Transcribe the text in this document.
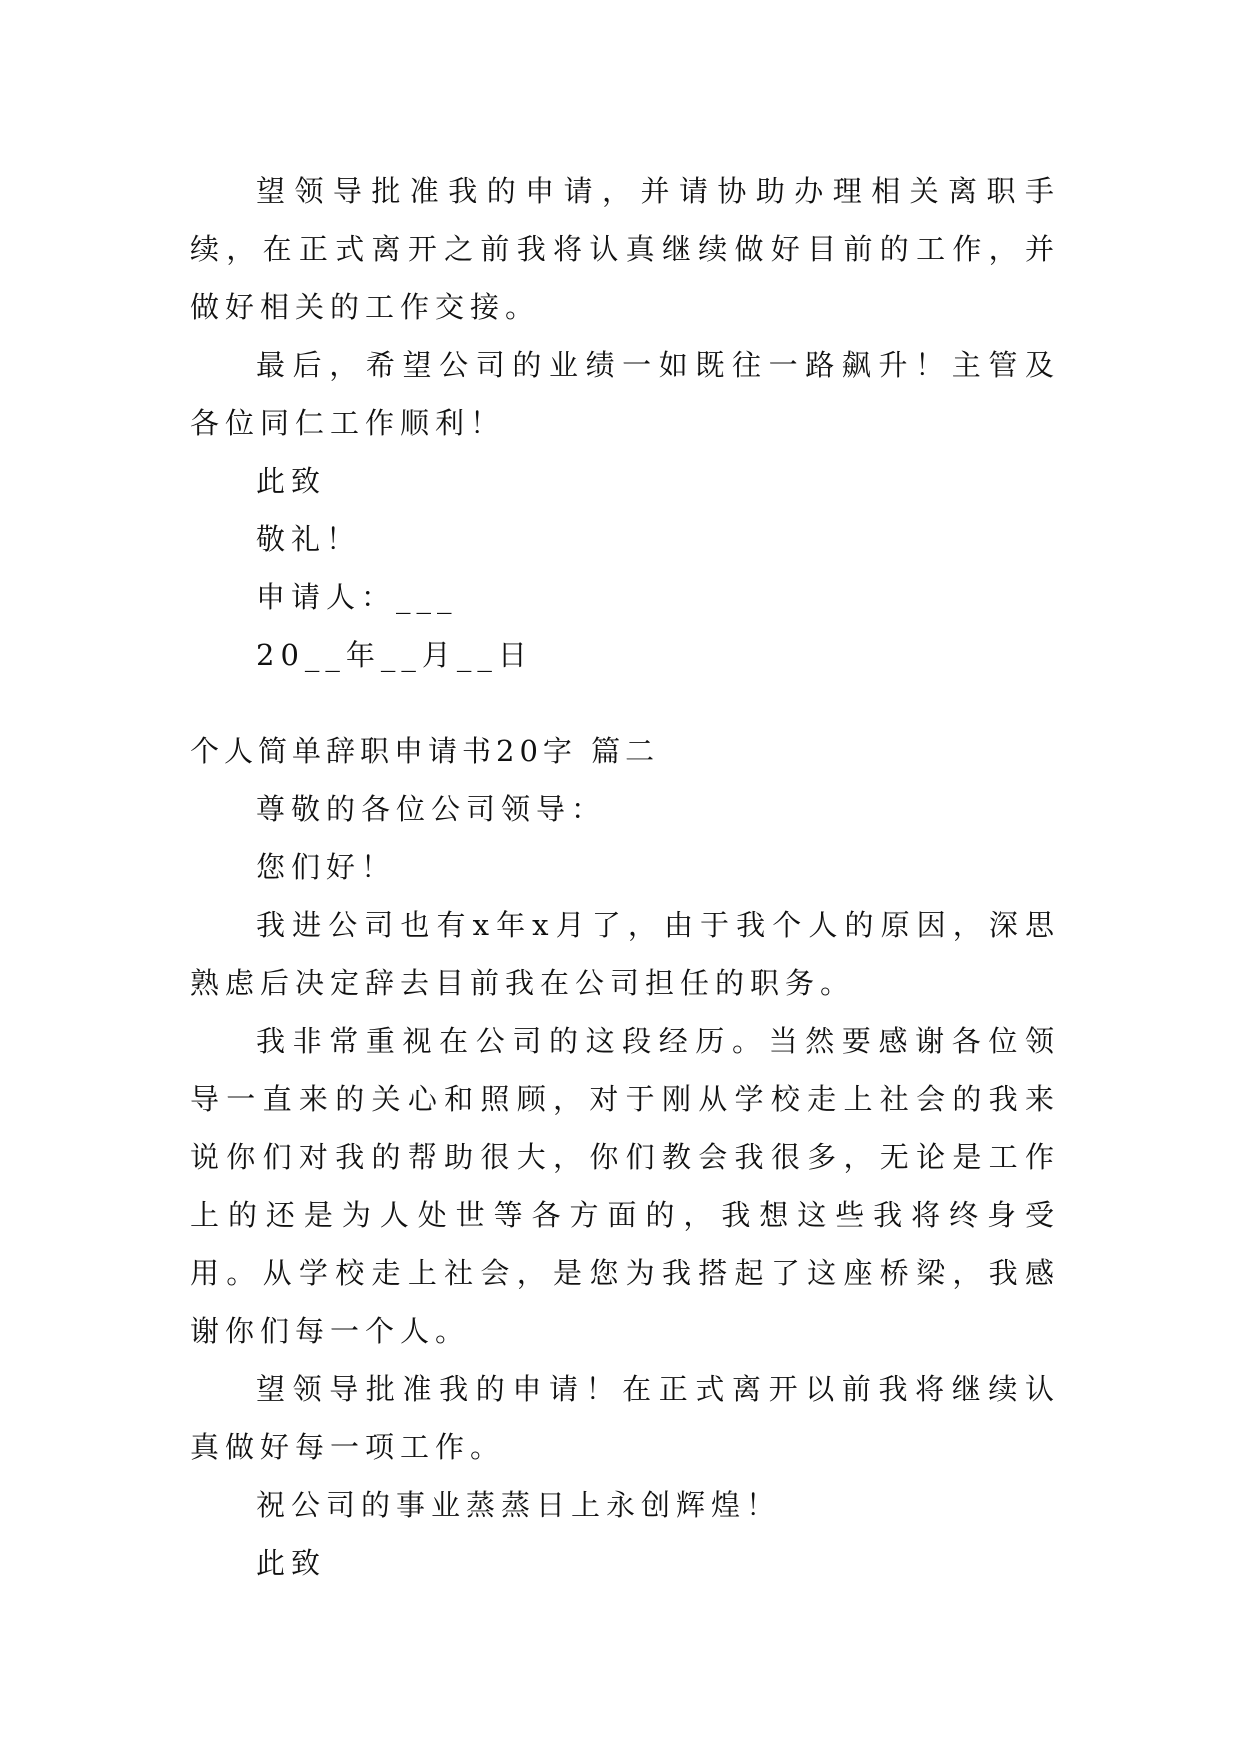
望领导批准我的申请，并请协助办理相关离职手续，在正式离开之前我将认真继续做好目前的工作，并做好相关的工作交接。

最后，希望公司的业绩一如既往一路飙升！主管及各位同仁工作顺利！

此致

敬礼！

申请人：___

20__年__月__日

个人简单辞职申请书20字 篇二

尊敬的各位公司领导：

您们好！

我进公司也有x年x月了，由于我个人的原因，深思熟虑后决定辞去目前我在公司担任的职务。

我非常重视在公司的这段经历。当然要感谢各位领导一直来的关心和照顾，对于刚从学校走上社会的我来说你们对我的帮助很大，你们教会我很多，无论是工作上的还是为人处世等各方面的，我想这些我将终身受用。从学校走上社会，是您为我搭起了这座桥梁，我感谢你们每一个人。

望领导批准我的申请！在正式离开以前我将继续认真做好每一项工作。

祝公司的事业蒸蒸日上永创辉煌！

此致
